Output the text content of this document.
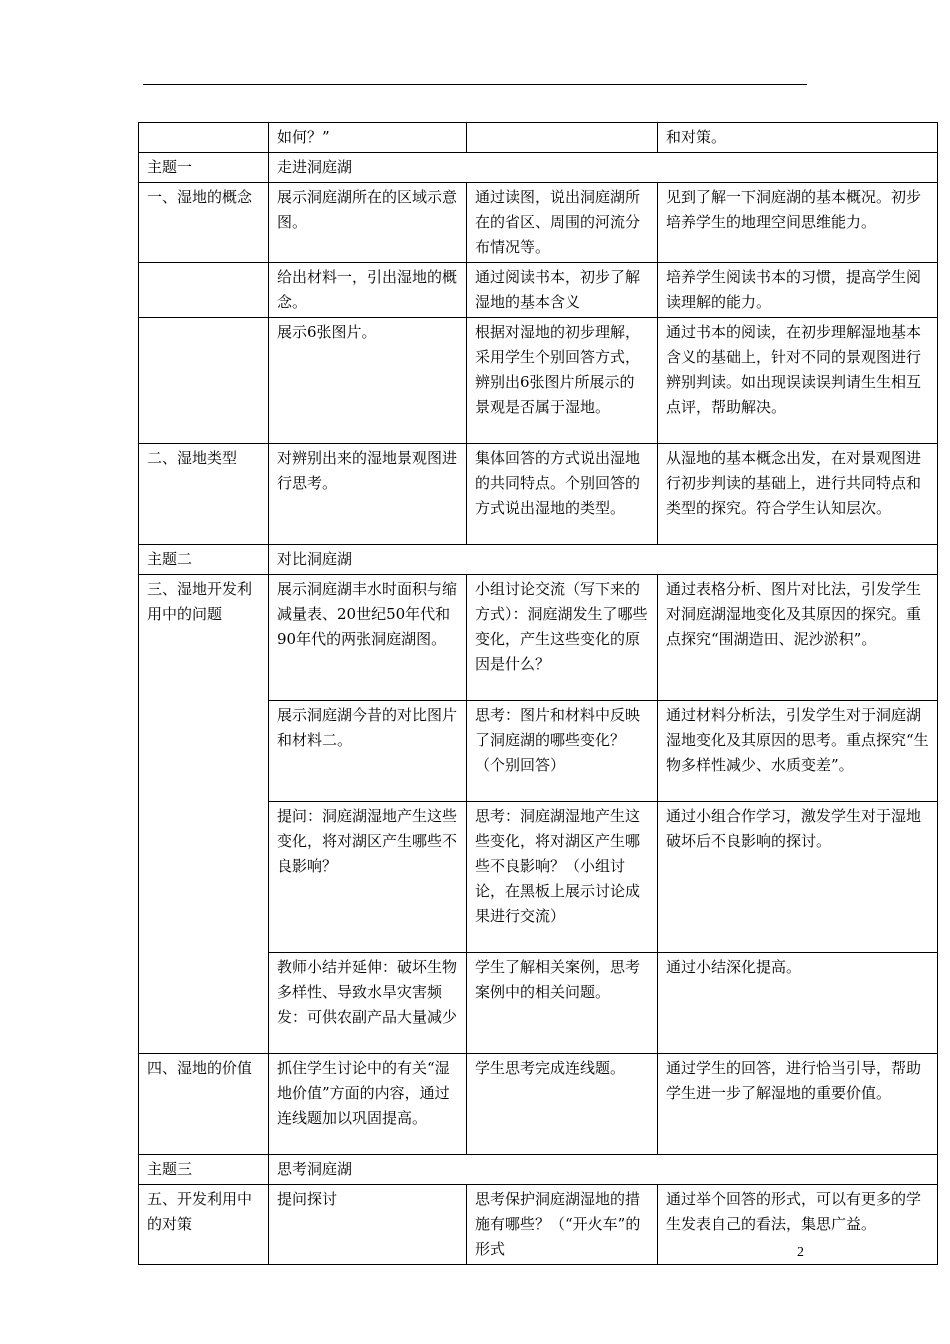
	如何？”		和对策。
主题一	走进洞庭湖		
一、湿地的概念	展示洞庭湖所在的区域示意图。	通过读图，说出洞庭湖所在的省区、周围的河流分布情况等。	见到了解一下洞庭湖的基本概况。初步培养学生的地理空间思维能力。
	给出材料一，引出湿地的概念。	通过阅读书本，初步了解湿地的基本含义	培养学生阅读书本的习惯，提高学生阅读理解的能力。
	展示6张图片。	根据对湿地的初步理解，采用学生个别回答方式，辨别出6张图片所展示的景观是否属于湿地。	通过书本的阅读，在初步理解湿地基本含义的基础上，针对不同的景观图进行辨别判读。如出现误读误判请生生相互点评，帮助解决。
二、湿地类型	对辨别出来的湿地景观图进行思考。	集体回答的方式说出湿地的共同特点。个别回答的方式说出湿地的类型。	从湿地的基本概念出发，在对景观图进行初步判读的基础上，进行共同特点和类型的探究。符合学生认知层次。
主题二	对比洞庭湖		
三、湿地开发利用中的问题	展示洞庭湖丰水时面积与缩减量表、20世纪50年代和90年代的两张洞庭湖图。	小组讨论交流（写下来的方式）：洞庭湖发生了哪些变化，产生这些变化的原因是什么？	通过表格分析、图片对比法，引发学生对洞庭湖湿地变化及其原因的探究。重点探究“围湖造田、泥沙淤积”。
	展示洞庭湖今昔的对比图片和材料二。	思考：图片和材料中反映了洞庭湖的哪些变化？（个别回答）	通过材料分析法，引发学生对于洞庭湖湿地变化及其原因的思考。重点探究“生物多样性减少、水质变差”。
	提问：洞庭湖湿地产生这些变化，将对湖区产生哪些不良影响？	思考：洞庭湖湿地产生这些变化，将对湖区产生哪些不良影响？（小组讨论，在黑板上展示讨论成果进行交流）	通过小组合作学习，激发学生对于湿地破坏后不良影响的探讨。
	教师小结并延伸：破坏生物多样性、导致水旱灾害频发：可供农副产品大量减少	学生了解相关案例，思考案例中的相关问题。	通过小结深化提高。
四、湿地的价值	抓住学生讨论中的有关“湿地价值”方面的内容，通过连线题加以巩固提高。	学生思考完成连线题。	通过学生的回答，进行恰当引导，帮助学生进一步了解湿地的重要价值。
主题三	思考洞庭湖		
五、开发利用中的对策	提问探讨	思考保护洞庭湖湿地的措施有哪些？（“开火车”的形式	通过举个回答的形式，可以有更多的学生发表自己的看法，集思广益。
2
